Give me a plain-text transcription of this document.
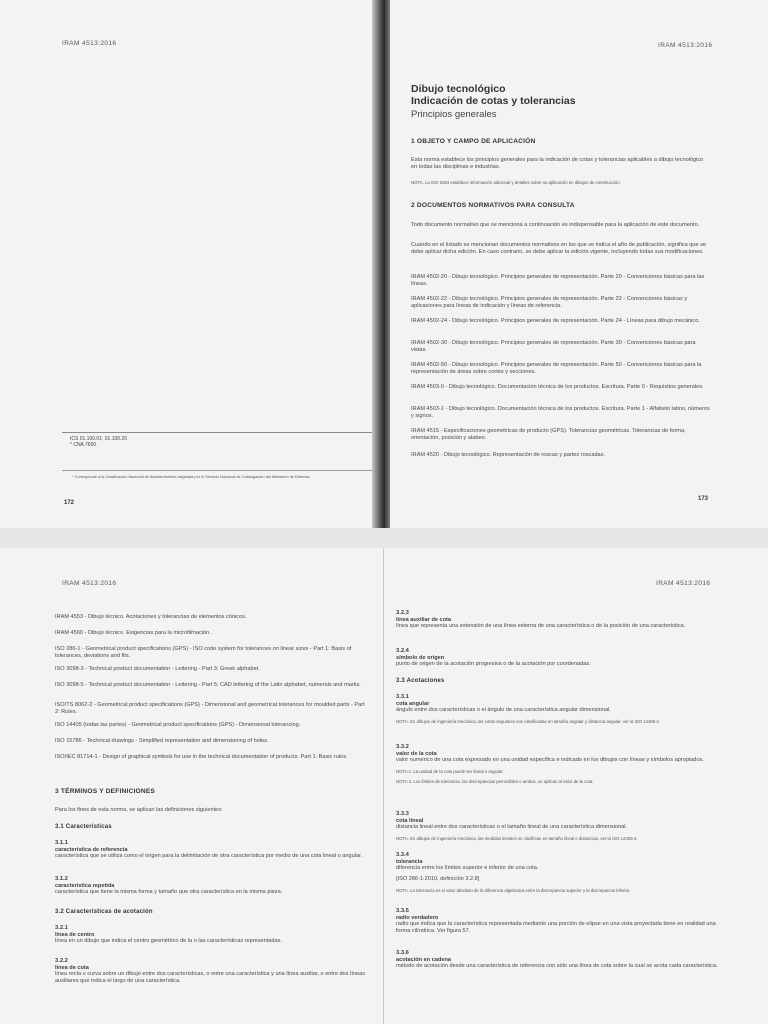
IRAM 4513:2016
ICS 01.100.01; 01.100.20
* CNA 7650
* Corresponde a la Clasificación Nacional de Abastecimiento asignada por el Servicio Nacional de Catalogación del Ministerio de Defensa.
172
IRAM 4513:2016
Dibujo tecnológico
Indicación de cotas y tolerancias
Principios generales
1 OBJETO Y CAMPO DE APLICACIÓN
Esta norma establece los principios generales para la indicación de cotas y tolerancias aplicables a dibujo tecnológico en todas las disciplinas e industrias.
NOTA. La ISO 6284 establece información adicional y detalles sobre su aplicación en dibujos de construcción.
2 DOCUMENTOS NORMATIVOS PARA CONSULTA
Todo documento normativo que se menciona a continuación es indispensable para la aplicación de este documento.
Cuando en el listado se mencionan documentos normativos en los que se indica el año de publicación, significa que se debe aplicar dicha edición. En caso contrario, se debe aplicar la edición vigente, incluyendo todas sus modificaciones.
IRAM 4502-20 - Dibujo tecnológico. Principios generales de representación. Parte 20 - Convenciones básicas para las líneas.
IRAM 4502-22 - Dibujo tecnológico. Principios generales de representación. Parte 22 - Convenciones básicas y aplicaciones para líneas de indicación y líneas de referencia.
IRAM 4502-24 - Dibujo tecnológico. Principios generales de representación. Parte 24 - Líneas para dibujo mecánico.
IRAM 4502-30 - Dibujo tecnológico. Principios generales de representación. Parte 30 - Convenciones básicas para vistas.
IRAM 4502-50 - Dibujo tecnológico. Principios generales de representación. Parte 50 - Convenciones básicas para la representación de áreas sobre cortes y secciones.
IRAM 4503-0 - Dibujo tecnológico. Documentación técnica de los productos. Escritura. Parte 0 - Requisitos generales.
IRAM 4503-1 - Dibujo tecnológico. Documentación técnica de los productos. Escritura. Parte 1 - Alfabeto latino, números y signos.
IRAM 4515 - Especificaciones geométricas de producto (GPS). Tolerancias geométricas. Tolerancias de forma, orientación, posición y alabeo.
IRAM 4520 - Dibujo tecnológico. Representación de roscas y partes roscadas.
173
IRAM 4513:2016
IRAM 4553 - Dibujo técnico. Acotaciones y tolerancias de elementos cónicos.
IRAM 4560 - Dibujo técnico. Exigencias para la microfilmación.
ISO 286-1 - Geometrical product specifications (GPS) - ISO code system for tolerances on linear sizes - Part 1: Basis of tolerances, deviations and fits.
ISO 3098-3 - Technical product documentation - Lettering - Part 3: Greek alphabet.
ISO 3098-5 - Technical product documentation - Lettering - Part 5: CAD lettering of the Latin alphabet, numerals and marks.
ISO/TS 8062-2 - Geometrical product specifications (GPS) - Dimensional and geometrical tolerances for moulded parts - Part 2: Rules.
ISO 14405 (todas las partes) - Geometrical product specifications (GPS) - Dimensional tolerancing.
ISO 15786 - Technical drawings - Simplified representation and dimensioning of holes.
ISO/IEC 81714-1 - Design of graphical symbols for use in the technical documentation of products. Part 1: Basic rules.
3 TÉRMINOS Y DEFINICIONES
Para los fines de esta norma, se aplican las definiciones siguientes:
3.1 Características
3.1.1
característica de referencia
característica que se utiliza como el origen para la delimitación de otra característica por medio de una cota lineal o angular.
3.1.2
característica repetida
característica que tiene la misma forma y tamaño que otra característica en la misma pieza.
3.2 Características de acotación
3.2.1
línea de centro
línea en un dibujo que indica el centro geométrico de la o las características representadas.
3.2.2
línea de cota
línea recta o curva sobre un dibujo entre dos características, o entre una característica y una línea auxiliar, o entre dos líneas auxiliares que indica el largo de una característica.
IRAM 4513:2016
3.2.3
línea auxiliar de cota
línea que representa una extensión de una línea externa de una característica o de la posición de una característica.
3.2.4
símbolo de origen
punto de origen de la acotación progresiva o de la acotación por coordenadas.
3.3 Acotaciones
3.3.1
cota angular
ángulo entre dos características o el ángulo de una característica angular dimensional.
NOTA. En dibujos de ingeniería mecánica, las cotas angulares son clasificadas en tamaño angular y distancia angular, ver la ISO 14405-2.
3.3.2
valor de la cota
valor numérico de una cota expresado en una unidad específica e indicado en los dibujos con líneas y símbolos apropiados.
NOTA 1. La unidad de la cota puede ser lineal o angular.
NOTA 2. Los límites de tolerancia, las discrepancias permisibles o ambos, se aplican al valor de la cota.
3.3.3
cota lineal
distancia lineal entre dos características o el tamaño lineal de una característica dimensional.
NOTA. En dibujos de ingeniería mecánica, las medidas lineales se clasifican en tamaño lineal o distancias, ver la ISO 14405-2.
3.3.4
tolerancia
diferencia entre los límites superior e inferior de una cota.
[ISO 286-1:2010, definición 3.2.8]
NOTA. La tolerancia es el valor absoluto de la diferencia algebraica entre la discrepancia superior y la discrepancia inferior.
3.3.5
radio verdadero
radio que indica que la característica representada mediante una porción de elipse en una vista proyectada tiene en realidad una forma cilíndrica. Ver figura 57.
3.3.6
acotación en cadena
método de acotación desde una característica de referencia con sólo una línea de cota sobre la cual se acota cada característica.
